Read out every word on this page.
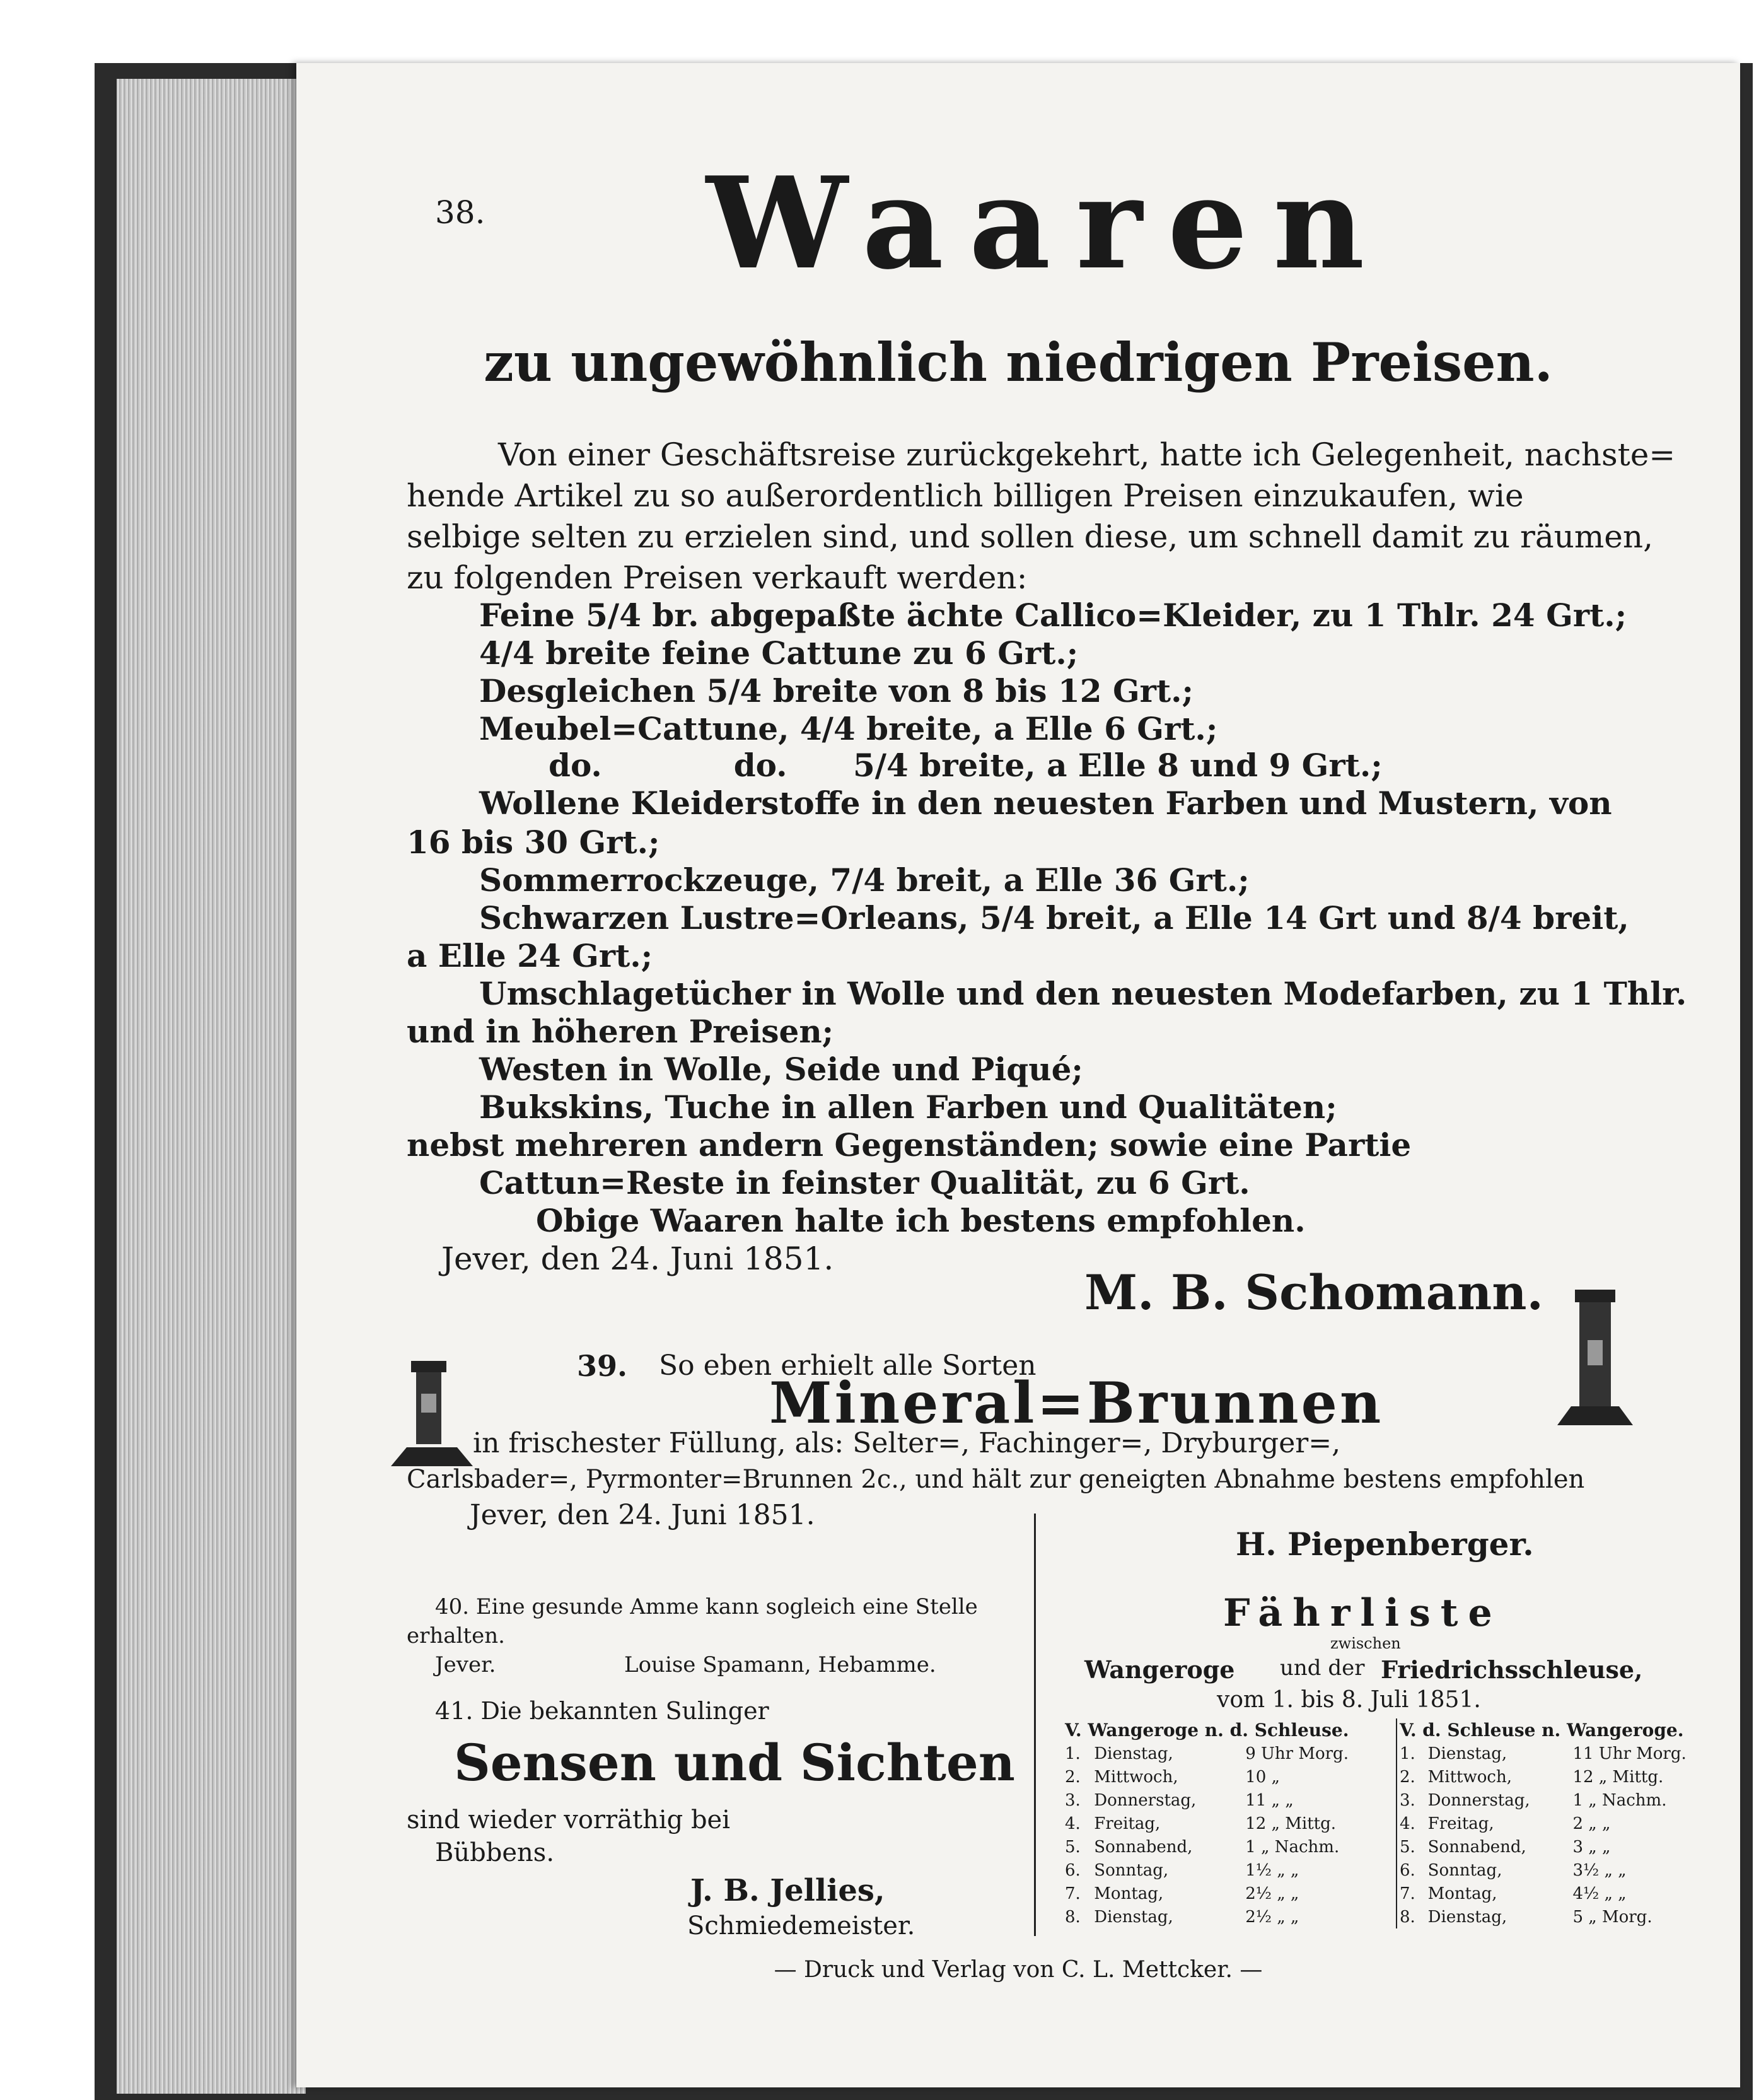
38. Waaren
zu ungewöhnlich niedrigen Preisen.
Von einer Geschäftsreise zurückgekehrt, hatte ich Gelegenheit, nachste=
hende Artikel zu so außerordentlich billigen Preisen einzukaufen, wie
selbige selten zu erzielen sind, und sollen diese, um schnell damit zu räumen,
zu folgenden Preisen verkauft werden:
Feine 5/4 br. abgepaßte ächte Callico=Kleider, zu 1 Thlr. 24 Grt.;
4/4 breite feine Cattune zu 6 Grt.;
Desgleichen 5/4 breite von 8 bis 12 Grt.;
Meubel=Cattune, 4/4 breite, a Elle 6 Grt.;
do.            do.      5/4 breite, a Elle 8 und 9 Grt.;
Wollene Kleiderstoffe in den neuesten Farben und Mustern, von
16 bis 30 Grt.;
Sommerrockzeuge, 7/4 breit, a Elle 36 Grt.;
Schwarzen Lustre=Orleans, 5/4 breit, a Elle 14 Grt und 8/4 breit,
a Elle 24 Grt.;
Umschlagetücher in Wolle und den neuesten Modefarben, zu 1 Thlr.
und in höheren Preisen;
Westen in Wolle, Seide und Piqué;
Bukskins, Tuche in allen Farben und Qualitäten;
nebst mehreren andern Gegenständen; sowie eine Partie
Cattun=Reste in feinster Qualität, zu 6 Grt.
Obige Waaren halte ich bestens empfohlen.
Jever, den 24. Juni 1851.
M. B. Schomann.
39. So eben erhielt alle Sorten
Mineral=Brunnen
in frischester Füllung, als: Selter=, Fachinger=, Dryburger=,
Carlsbader=, Pyrmonter=Brunnen 2c., und hält zur geneigten Abnahme bestens empfohlen
Jever, den 24. Juni 1851.
H. Piepenberger.
40. Eine gesunde Amme kann sogleich eine Stelle
erhalten.
Jever.	Louise Spamann, Hebamme.
41. Die bekannten Sulinger
Sensen und Sichten
sind wieder vorräthig bei
Bübbens.
J. B. Jellies,
Schmiedemeister.
Fährliste
zwischen
Wangeroge und der Friedrichsschleuse,
vom 1. bis 8. Juli 1851.
V. Wangeroge n. d. Schleuse.			V. d. Schleuse n. Wangeroge.		
1.	Dienstag,	9 Uhr Morg.	1.	Dienstag,	11 Uhr Morg.
2.	Mittwoch,	10 „	2.	Mittwoch,	12 „ Mittg.
3.	Donnerstag,	11 „ „	3.	Donnerstag,	1 „ Nachm.
4.	Freitag,	12 „ Mittg.	4.	Freitag,	2 „ „
5.	Sonnabend,	1 „ Nachm.	5.	Sonnabend,	3 „ „
6.	Sonntag,	1½ „ „	6.	Sonntag,	3½ „ „
7.	Montag,	2½ „ „	7.	Montag,	4½ „ „
8.	Dienstag,	2½ „ „	8.	Dienstag,	5 „ Morg.
— Druck und Verlag von C. L. Mettcker. —
